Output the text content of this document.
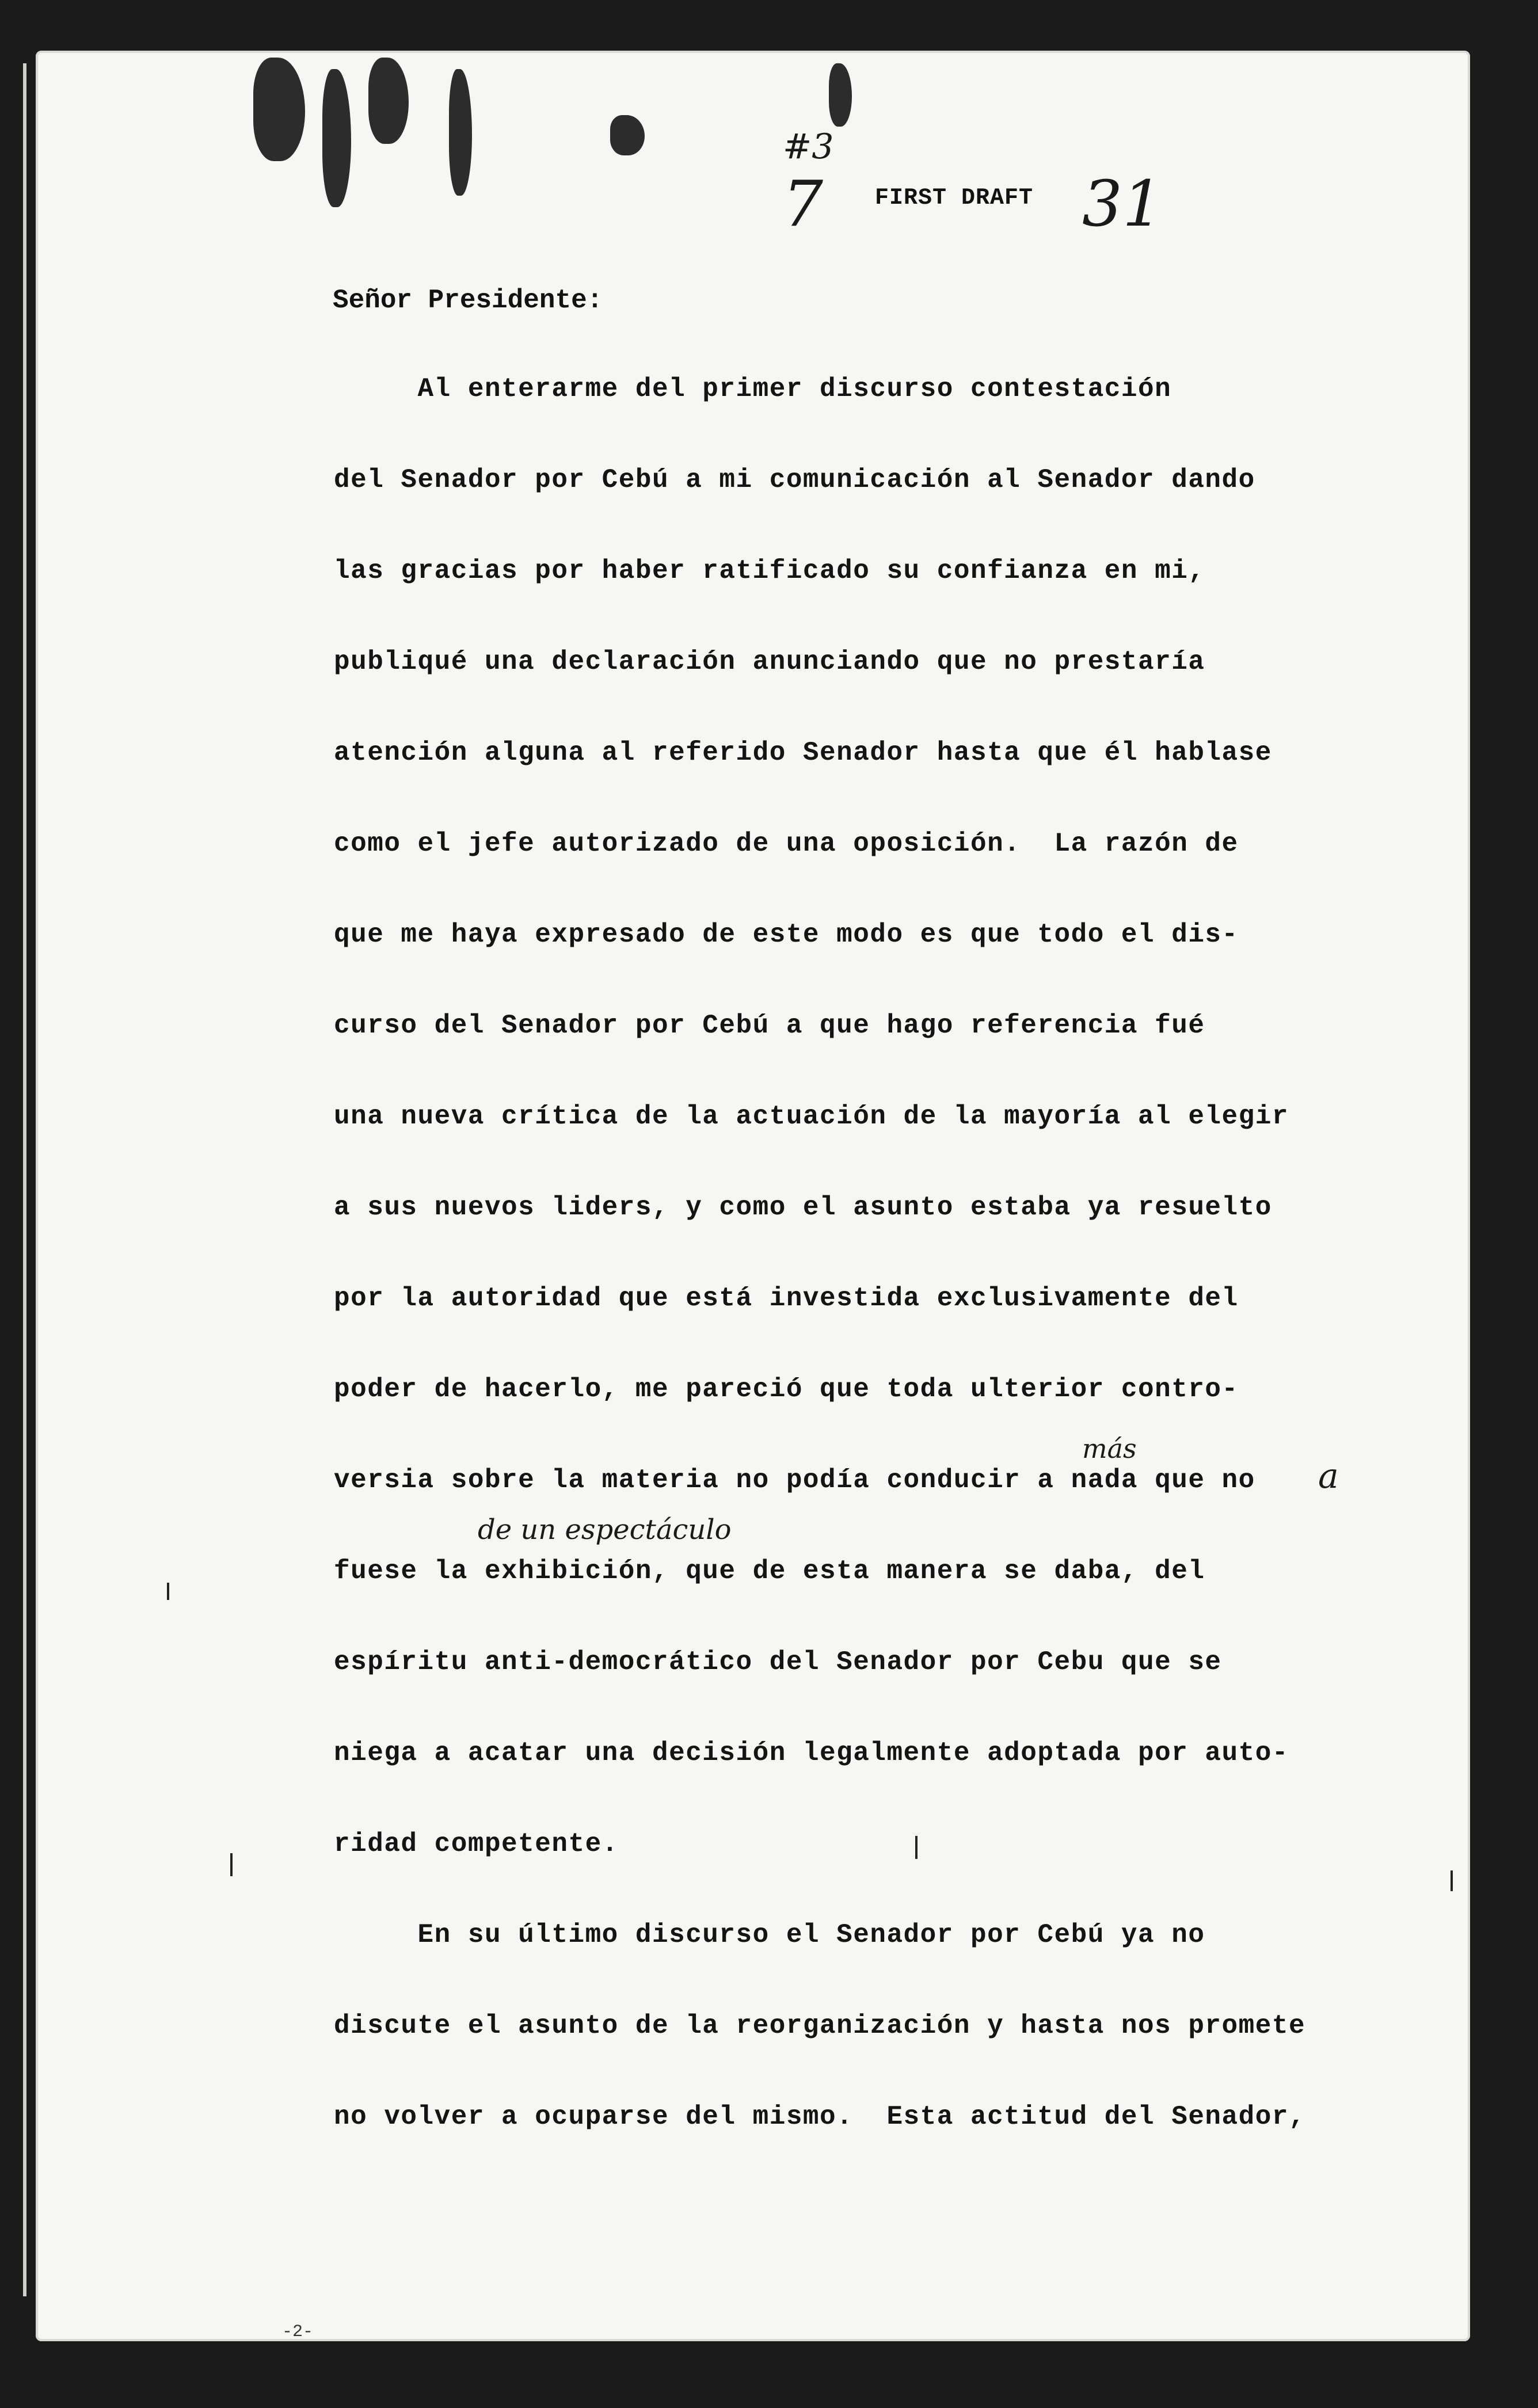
#3
7 FIRST DRAFT 31
Señor Presidente:
Al enterarme del primer discurso contestación
del Senador por Cebú a mi comunicación al Senador dando
las gracias por haber ratificado su confianza en mi,
publiqué una declaración anunciando que no prestaría
atención alguna al referido Senador hasta que él hablase
como el jefe autorizado de una oposición.  La razón de
que me haya expresado de este modo es que todo el dis-
curso del Senador por Cebú a que hago referencia fué
una nueva crítica de la actuación de la mayoría al elegir
a sus nuevos liders, y como el asunto estaba ya resuelto
por la autoridad que está investida exclusivamente del
poder de hacerlo, me pareció que toda ulterior contro-
versia sobre la materia no podía conducir a nada que no
fuese la exhibición, que de esta manera se daba, del
espíritu anti-democrático del Senador por Cebu que se
niega a acatar una decisión legalmente adoptada por auto-
ridad competente.
En su último discurso el Senador por Cebú ya no
discute el asunto de la reorganización y hasta nos promete
no volver a ocuparse del mismo.  Esta actitud del Senador,
más
a
de un espectáculo
-2-
